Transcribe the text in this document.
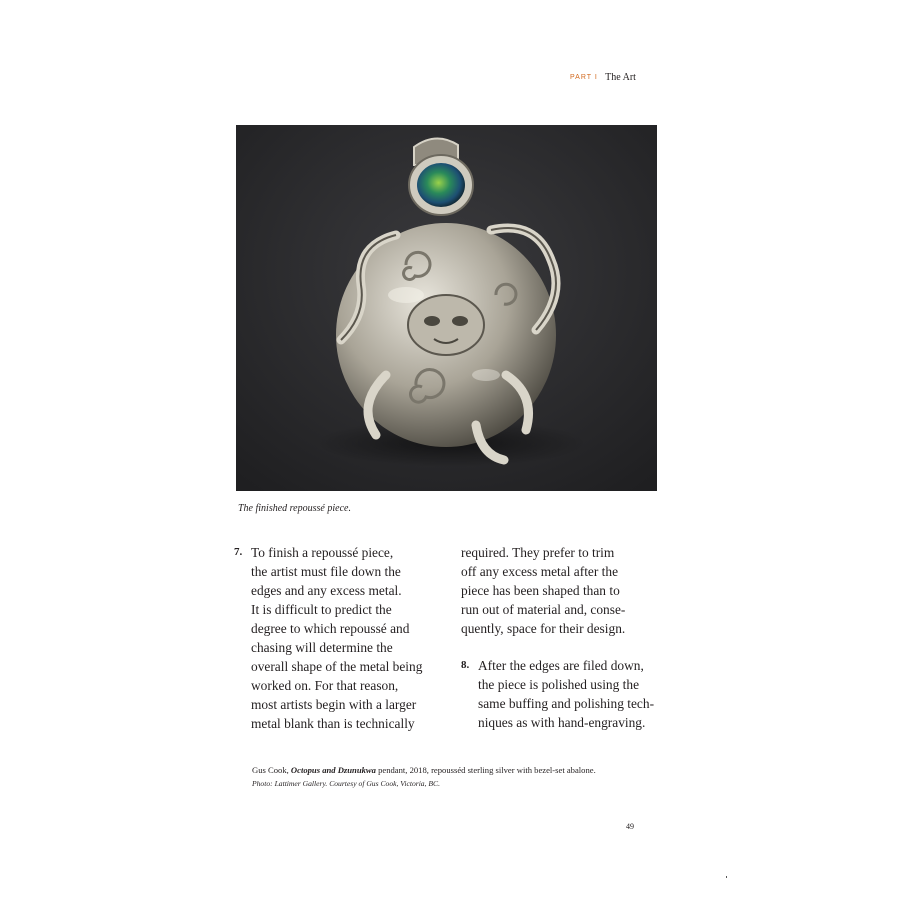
PART I The Art
The finished repoussé piece.
7. To finish a repoussé piece,

the artist must file down the

edges and any excess metal.

It is difficult to predict the

degree to which repoussé and

chasing will determine the

overall shape of the metal being

worked on. For that reason,

most artists begin with a larger

metal blank than is technically

required. They prefer to trim

off any excess metal after the

piece has been shaped than to

run out of material and, conse-

quently, space for their design.

8. After the edges are filed down,

the piece is polished using the

same buffing and polishing tech-

niques as with hand-engraving.

Gus Cook, Octopus and Dzunukwa pendant, 2018, repousséd sterling silver with bezel-set abalone.
Photo: Lattimer Gallery. Courtesy of Gus Cook, Victoria, BC.
49
